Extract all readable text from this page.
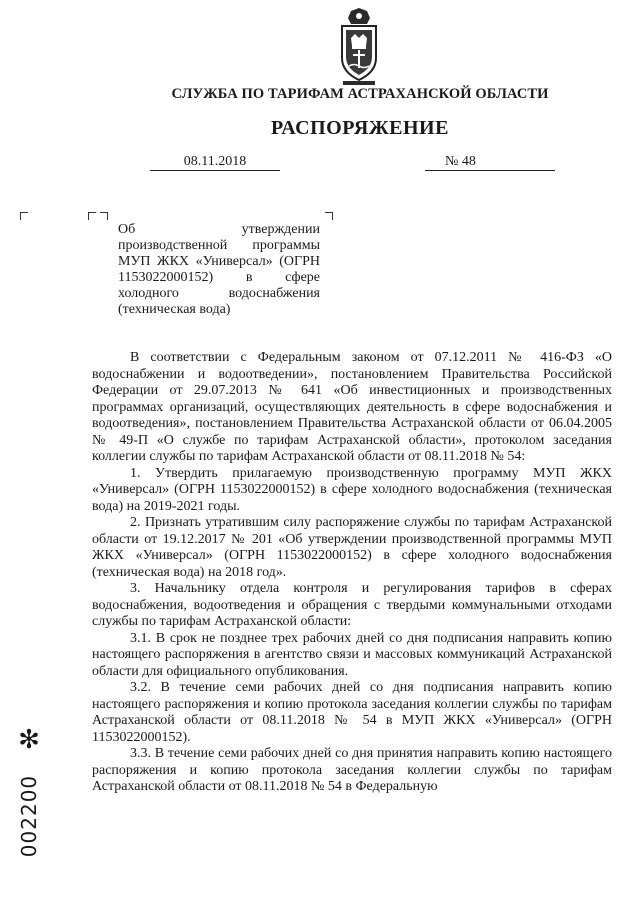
СЛУЖБА ПО ТАРИФАМ АСТРАХАНСКОЙ ОБЛАСТИ
РАСПОРЯЖЕНИЕ
08.11.2018	№ 48
Об утверждении производственной программы МУП ЖКХ «Универсал» (ОГРН 1153022000152) в сфере холодного водоснабжения (техническая вода)

В соответствии с Федеральным законом от 07.12.2011 № 416-ФЗ «О водоснабжении и водоотведении», постановлением Правительства Российской Федерации от 29.07.2013 № 641 «Об инвестиционных и производственных программах организаций, осуществляющих деятельность в сфере водоснабжения и водоотведения», постановлением Правительства Астраханской области от 06.04.2005 № 49-П «О службе по тарифам Астраханской области», протоколом заседания коллегии службы по тарифам Астраханской области от 08.11.2018 № 54:

1. Утвердить прилагаемую производственную программу МУП ЖКХ «Универсал» (ОГРН 1153022000152) в сфере холодного водоснабжения (техническая вода) на 2019-2021 годы.

2. Признать утратившим силу распоряжение службы по тарифам Астраханской области от 19.12.2017 № 201 «Об утверждении производственной программы МУП ЖКХ «Универсал» (ОГРН 1153022000152) в сфере холодного водоснабжения (техническая вода) на 2018 год».

3. Начальнику отдела контроля и регулирования тарифов в сферах водоснабжения, водоотведения и обращения с твердыми коммунальными отходами службы по тарифам Астраханской области:

3.1. В срок не позднее трех рабочих дней со дня подписания направить копию настоящего распоряжения в агентство связи и массовых коммуникаций Астраханской области для официального опубликования.

3.2. В течение семи рабочих дней со дня подписания направить копию настоящего распоряжения и копию протокола заседания коллегии службы по тарифам Астраханской области от 08.11.2018 № 54 в МУП ЖКХ «Универсал» (ОГРН 1153022000152).

3.3. В течение семи рабочих дней со дня принятия направить копию настоящего распоряжения и копию протокола заседания коллегии службы по тарифам Астраханской области от 08.11.2018 № 54 в Федеральную

✻
002200
